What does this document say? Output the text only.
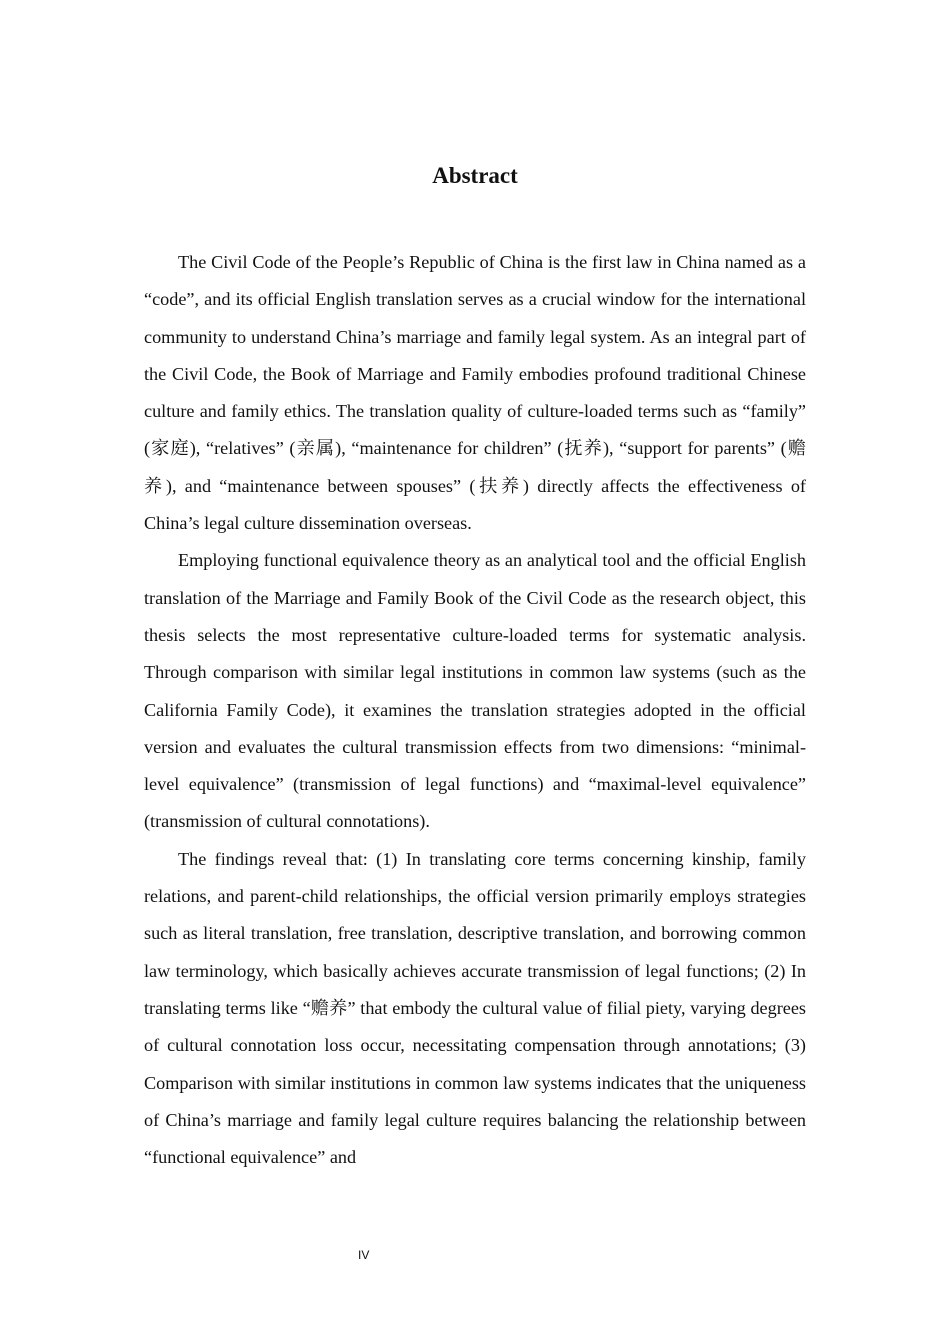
Abstract

The Civil Code of the People’s Republic of China is the first law in China named as a “code”, and its official English translation serves as a crucial window for the international community to understand China’s marriage and family legal system. As an integral part of the Civil Code, the Book of Marriage and Family embodies profound traditional Chinese culture and family ethics. The translation quality of culture-loaded terms such as “family” (家庭), “relatives” (亲属), “maintenance for children” (抚养), “support for parents” (赡养), and “maintenance between spouses” (扶养) directly affects the effectiveness of China’s legal culture dissemination overseas.

Employing functional equivalence theory as an analytical tool and the official English translation of the Marriage and Family Book of the Civil Code as the research object, this thesis selects the most representative culture-loaded terms for systematic analysis. Through comparison with similar legal institutions in common law systems (such as the California Family Code), it examines the translation strategies adopted in the official version and evaluates the cultural transmission effects from two dimensions: “minimal-level equivalence” (transmission of legal functions) and “maximal-level equivalence” (transmission of cultural connotations).

The findings reveal that: (1) In translating core terms concerning kinship, family relations, and parent-child relationships, the official version primarily employs strategies such as literal translation, free translation, descriptive translation, and borrowing common law terminology, which basically achieves accurate transmission of legal functions; (2) In translating terms like “赡养” that embody the cultural value of filial piety, varying degrees of cultural connotation loss occur, necessitating compensation through annotations; (3) Comparison with similar institutions in common law systems indicates that the uniqueness of China’s marriage and family legal culture requires balancing the relationship between “functional equivalence” and

IV
